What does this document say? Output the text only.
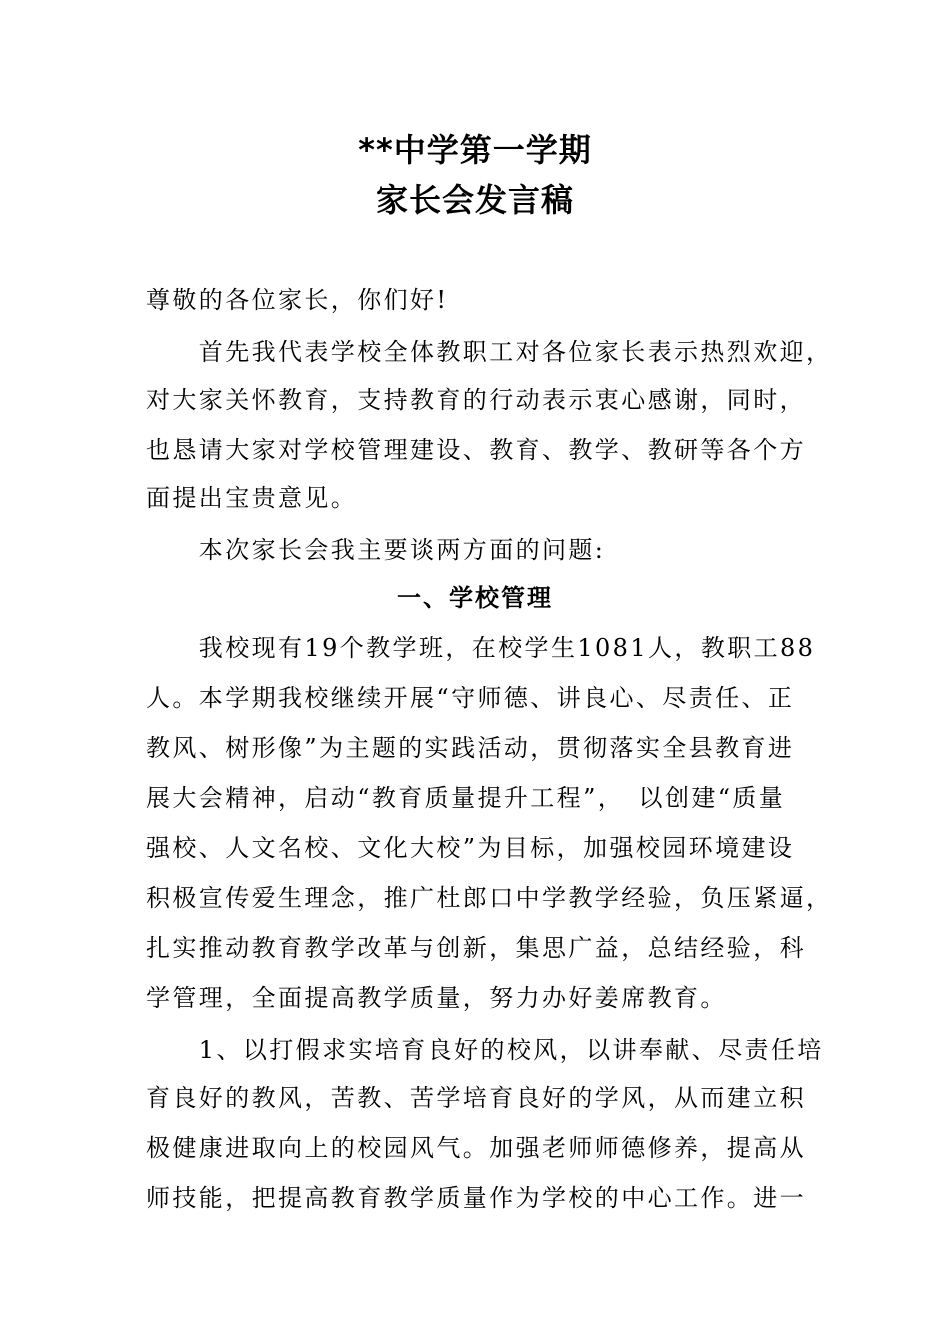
**中学第一学期
家长会发言稿

尊敬的各位家长，你们好!

　　首先我代表学校全体教职工对各位家长表示热烈欢迎，

对大家关怀教育，支持教育的行动表示衷心感谢，同时，

也恳请大家对学校管理建设、教育、教学、教研等各个方

面提出宝贵意见。

　　本次家长会我主要谈两方面的问题:

一、学校管理

　　我校现有19个教学班，在校学生1081人，教职工88

人。本学期我校继续开展“守师德、讲良心、尽责任、正

教风、树形像”为主题的实践活动，贯彻落实全县教育进

展大会精神，启动“教育质量提升工程”，　以创建“质量

强校、人文名校、文化大校”为目标，加强校园环境建设

积极宣传爱生理念，推广杜郎口中学教学经验，负压紧逼，

扎实推动教育教学改革与创新，集思广益，总结经验，科

学管理，全面提高教学质量，努力办好姜席教育。

　　1、以打假求实培育良好的校风，以讲奉献、尽责任培

育良好的教风，苦教、苦学培育良好的学风，从而建立积

极健康进取向上的校园风气。加强老师师德修养，提高从

师技能，把提高教育教学质量作为学校的中心工作。进一
